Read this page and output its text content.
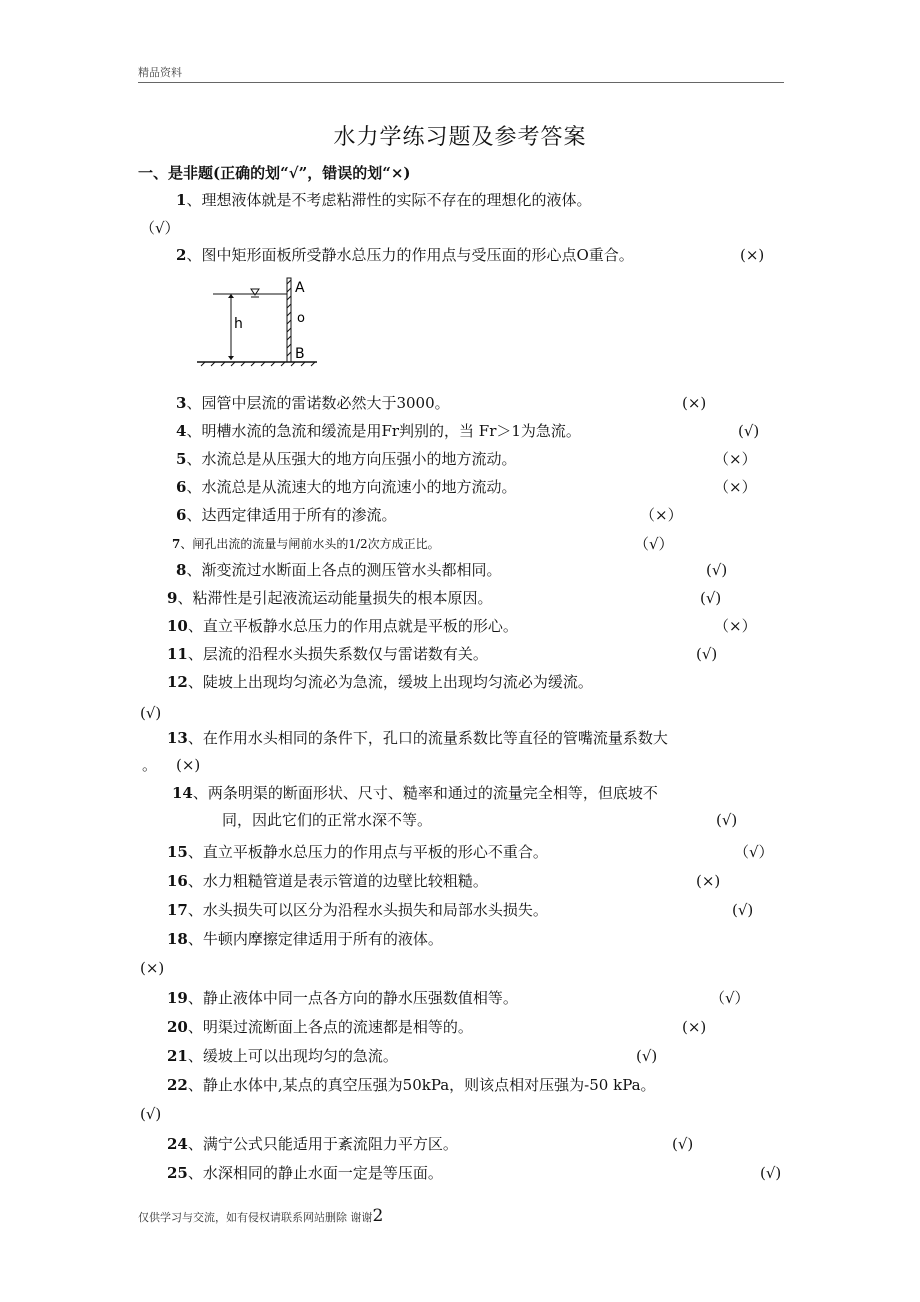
精品资料
水力学练习题及参考答案
一、是非题(正确的划“√”，错误的划“×)
1、理想液体就是不考虑粘滞性的实际不存在的理想化的液体。
（√）
2、图中矩形面板所受静水总压力的作用点与受压面的形心点O重合。	(×)
h
A
o
B
3、园管中层流的雷诺数必然大于3000。	(×)
4、明槽水流的急流和缓流是用Fr判别的，当 Fr＞1为急流。	(√)
5、水流总是从压强大的地方向压强小的地方流动。	（×）
6、水流总是从流速大的地方向流速小的地方流动。	（×）
6、达西定律适用于所有的渗流。	（×）
7、闸孔出流的流量与闸前水头的1/2次方成正比。	（√）
8、渐变流过水断面上各点的测压管水头都相同。	(√)
9、粘滞性是引起液流运动能量损失的根本原因。	(√)
10、直立平板静水总压力的作用点就是平板的形心。	（×）
11、层流的沿程水头损失系数仅与雷诺数有关。	(√)
12、陡坡上出现均匀流必为急流，缓坡上出现均匀流必为缓流。
(√)
13、在作用水头相同的条件下，孔口的流量系数比等直径的管嘴流量系数大
。 (×)
14、两条明渠的断面形状、尺寸、糙率和通过的流量完全相等，但底坡不
同，因此它们的正常水深不等。	(√)
15、直立平板静水总压力的作用点与平板的形心不重合。	（√）
16、水力粗糙管道是表示管道的边壁比较粗糙。	(×)
17、水头损失可以区分为沿程水头损失和局部水头损失。	(√)
18、牛顿内摩擦定律适用于所有的液体。
(×)
19、静止液体中同一点各方向的静水压强数值相等。	（√）
20、明渠过流断面上各点的流速都是相等的。	(×)
21、缓坡上可以出现均匀的急流。	(√)
22、静止水体中,某点的真空压强为50kPa，则该点相对压强为-50 kPa。
(√)
24、满宁公式只能适用于紊流阻力平方区。	(√)
25、水深相同的静止水面一定是等压面。	(√)
仅供学习与交流，如有侵权请联系网站删除 谢谢2
